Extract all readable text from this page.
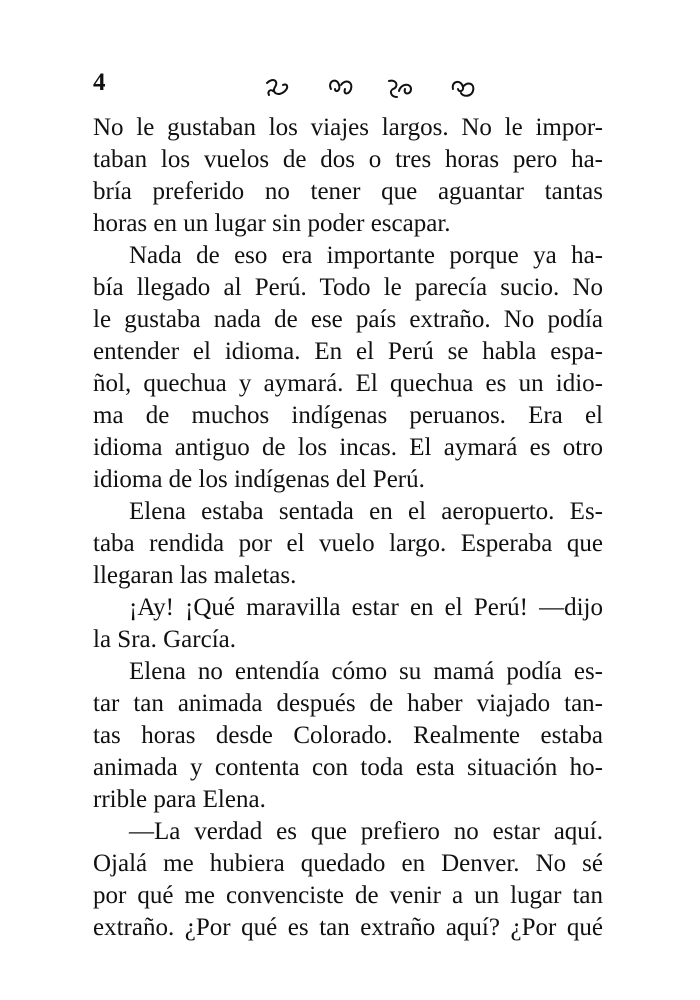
4
No le gustaban los viajes largos. No le impor-
taban los vuelos de dos o tres horas pero ha-
bría preferido no tener que aguantar tantas
horas en un lugar sin poder escapar.
Nada de eso era importante porque ya ha-
bía llegado al Perú. Todo le parecía sucio. No
le gustaba nada de ese país extraño. No podía
entender el idioma. En el Perú se habla espa-
ñol, quechua y aymará. El quechua es un idio-
ma de muchos indígenas peruanos. Era el
idioma antiguo de los incas. El aymará es otro
idioma de los indígenas del Perú.
Elena estaba sentada en el aeropuerto. Es-
taba rendida por el vuelo largo. Esperaba que
llegaran las maletas.
¡Ay! ¡Qué maravilla estar en el Perú! —dijo
la Sra. García.
Elena no entendía cómo su mamá podía es-
tar tan animada después de haber viajado tan-
tas horas desde Colorado. Realmente estaba
animada y contenta con toda esta situación ho-
rrible para Elena.
—La verdad es que prefiero no estar aquí.
Ojalá me hubiera quedado en Denver. No sé
por qué me convenciste de venir a un lugar tan
extraño. ¿Por qué es tan extraño aquí? ¿Por qué
